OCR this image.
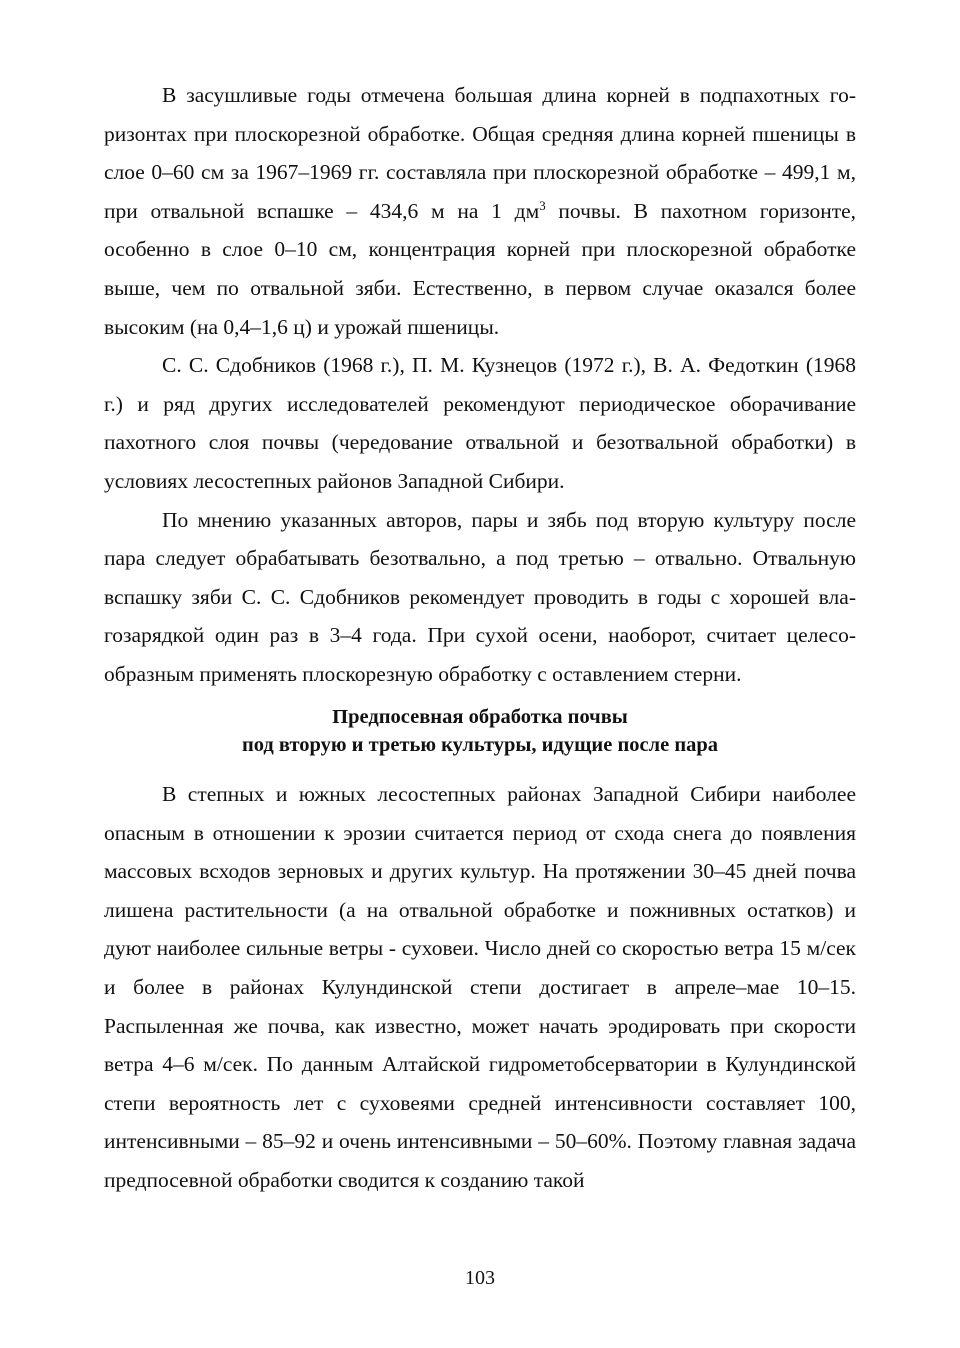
В засушливые годы отмечена большая длина корней в подпахотных горизонтах при плоскорезной обработке. Общая средняя длина корней пшеницы в слое 0–60 см за 1967–1969 гг. составляла при плоскорезной обработке – 499,1 м, при отвальной вспашке – 434,6 м на 1 $дм^3$ почвы. В пахотном горизонте, особенно в слое 0–10 см, концентрация корней при плоскорезной обработке выше, чем по отвальной зяби. Естественно, в первом случае оказался более высоким (на 0,4–1,6 ц) и урожай пшеницы.

С. С. Сдобников (1968 г.), П. М. Кузнецов (1972 г.), В. А. Федоткин (1968 г.) и ряд других исследователей рекомендуют периодическое оборачивание пахотного слоя почвы (чередование отвальной и безотвальной обработки) в условиях лесостепных районов Западной Сибири.

По мнению указанных авторов, пары и зябь под вторую культуру после пара следует обрабатывать безотвально, а под третью – отвально. Отвальную вспашку зяби С. С. Сдобников рекомендует проводить в годы с хорошей влагозарядкой один раз в 3–4 года. При сухой осени, наоборот, считает целесообразным применять плоскорезную обработку с оставлением стерни.

Предпосевная обработка почвы
под вторую и третью культуры, идущие после пара

В степных и южных лесостепных районах Западной Сибири наиболее опасным в отношении к эрозии считается период от схода снега до появления массовых всходов зерновых и других культур. На протяжении 30–45 дней почва лишена растительности (а на отвальной обработке и пожнивных остатков) и дуют наиболее сильные ветры - суховеи. Число дней со скоростью ветра 15 м/сек и более в районах Кулундинской степи достигает в апреле–мае 10–15. Распыленная же почва, как известно, может начать эродировать при скорости ветра 4–6 м/сек. По данным Алтайской гидрометобсерватории в Кулундинской степи вероятность лет с суховеями средней интенсивности составляет 100, интенсивными – 85–92 и очень интенсивными – 50–60%. Поэтому главная задача предпосевной обработки сводится к созданию такой

103
